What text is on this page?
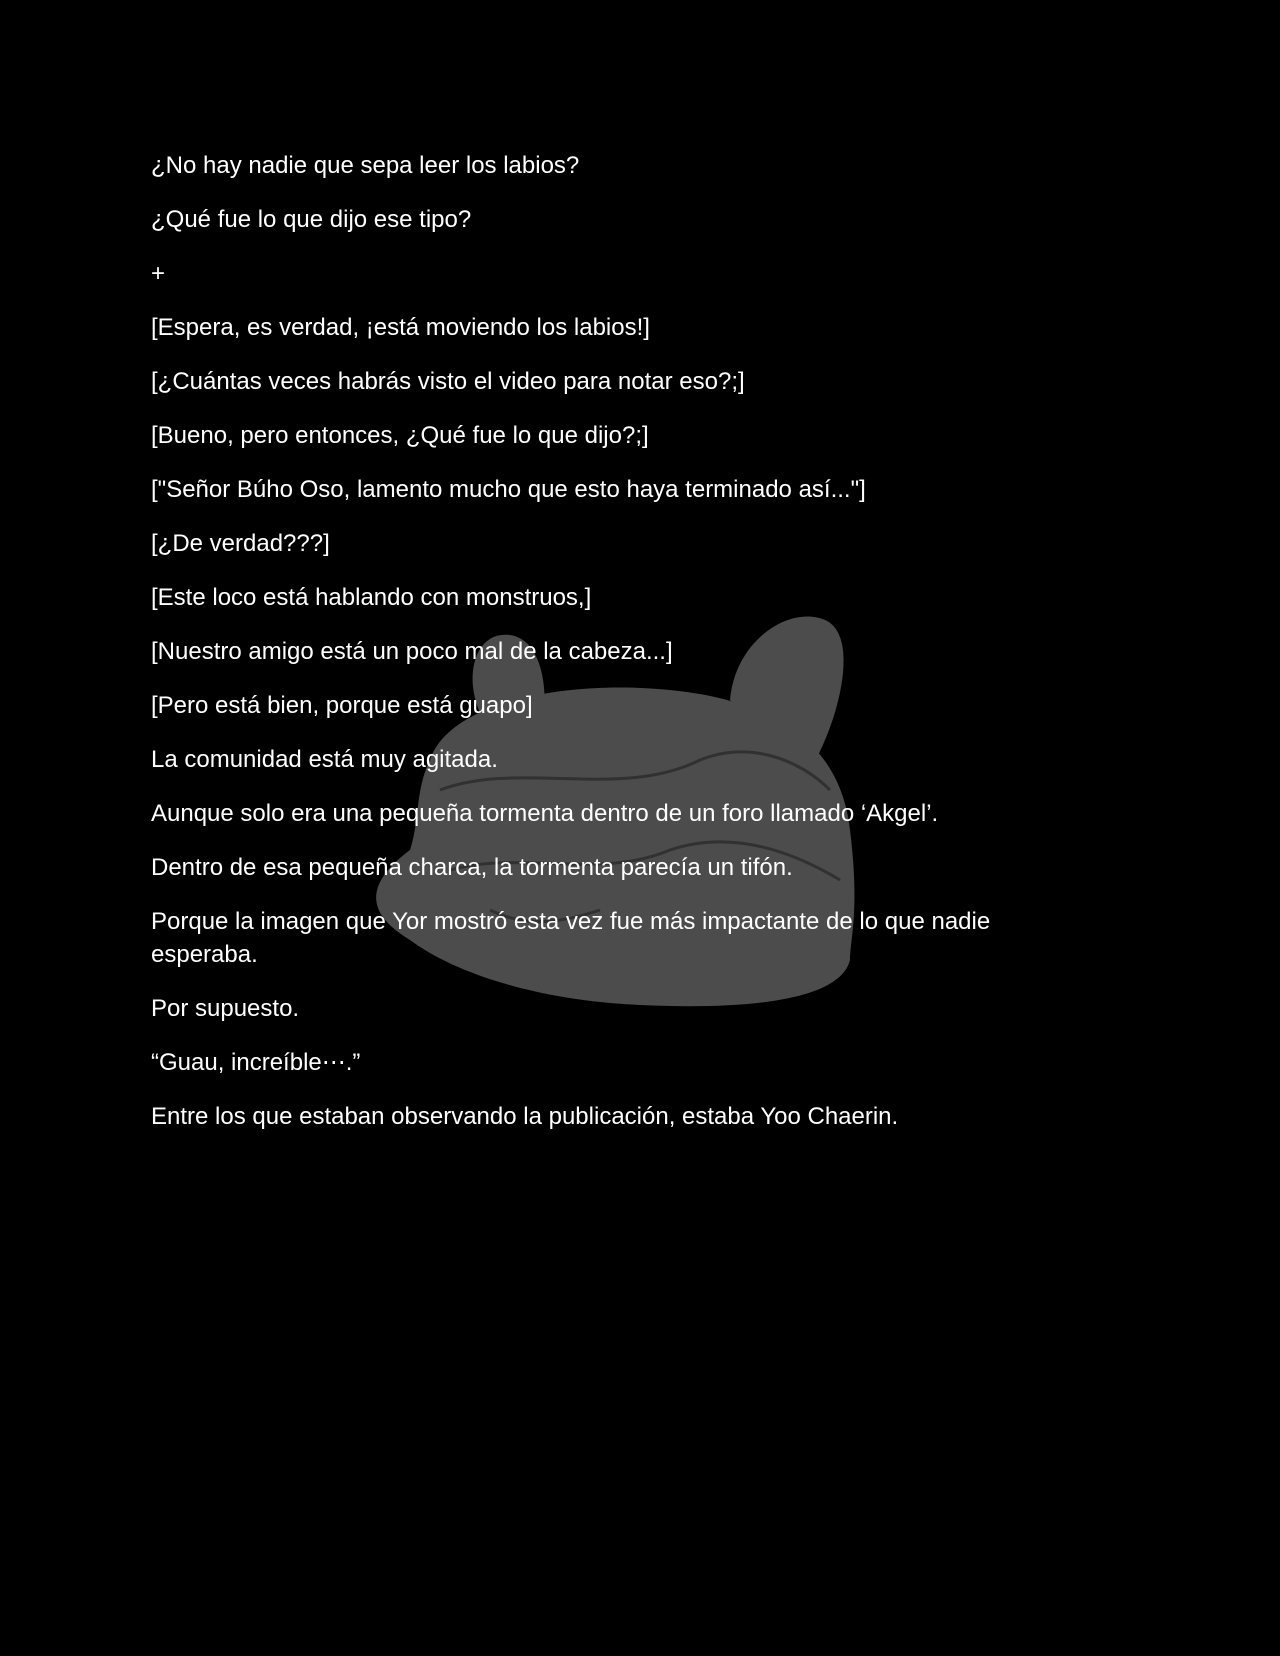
¿No hay nadie que sepa leer los labios?

¿Qué fue lo que dijo ese tipo?

+

[Espera, es verdad, ¡está moviendo los labios!]

[¿Cuántas veces habrás visto el video para notar eso?;]

[Bueno, pero entonces, ¿Qué fue lo que dijo?;]

["Señor Búho Oso, lamento mucho que esto haya terminado así..."]

[¿De verdad???]

[Este loco está hablando con monstruos,]

[Nuestro amigo está un poco mal de la cabeza...]

[Pero está bien, porque está guapo]

La comunidad está muy agitada.

Aunque solo era una pequeña tormenta dentro de un foro llamado ‘Akgel’.

Dentro de esa pequeña charca, la tormenta parecía un tifón.

Porque la imagen que Yor mostró esta vez fue más impactante de lo que nadie esperaba.

Por supuesto.

“Guau, increíble⋯.”

Entre los que estaban observando la publicación, estaba Yoo Chaerin.
